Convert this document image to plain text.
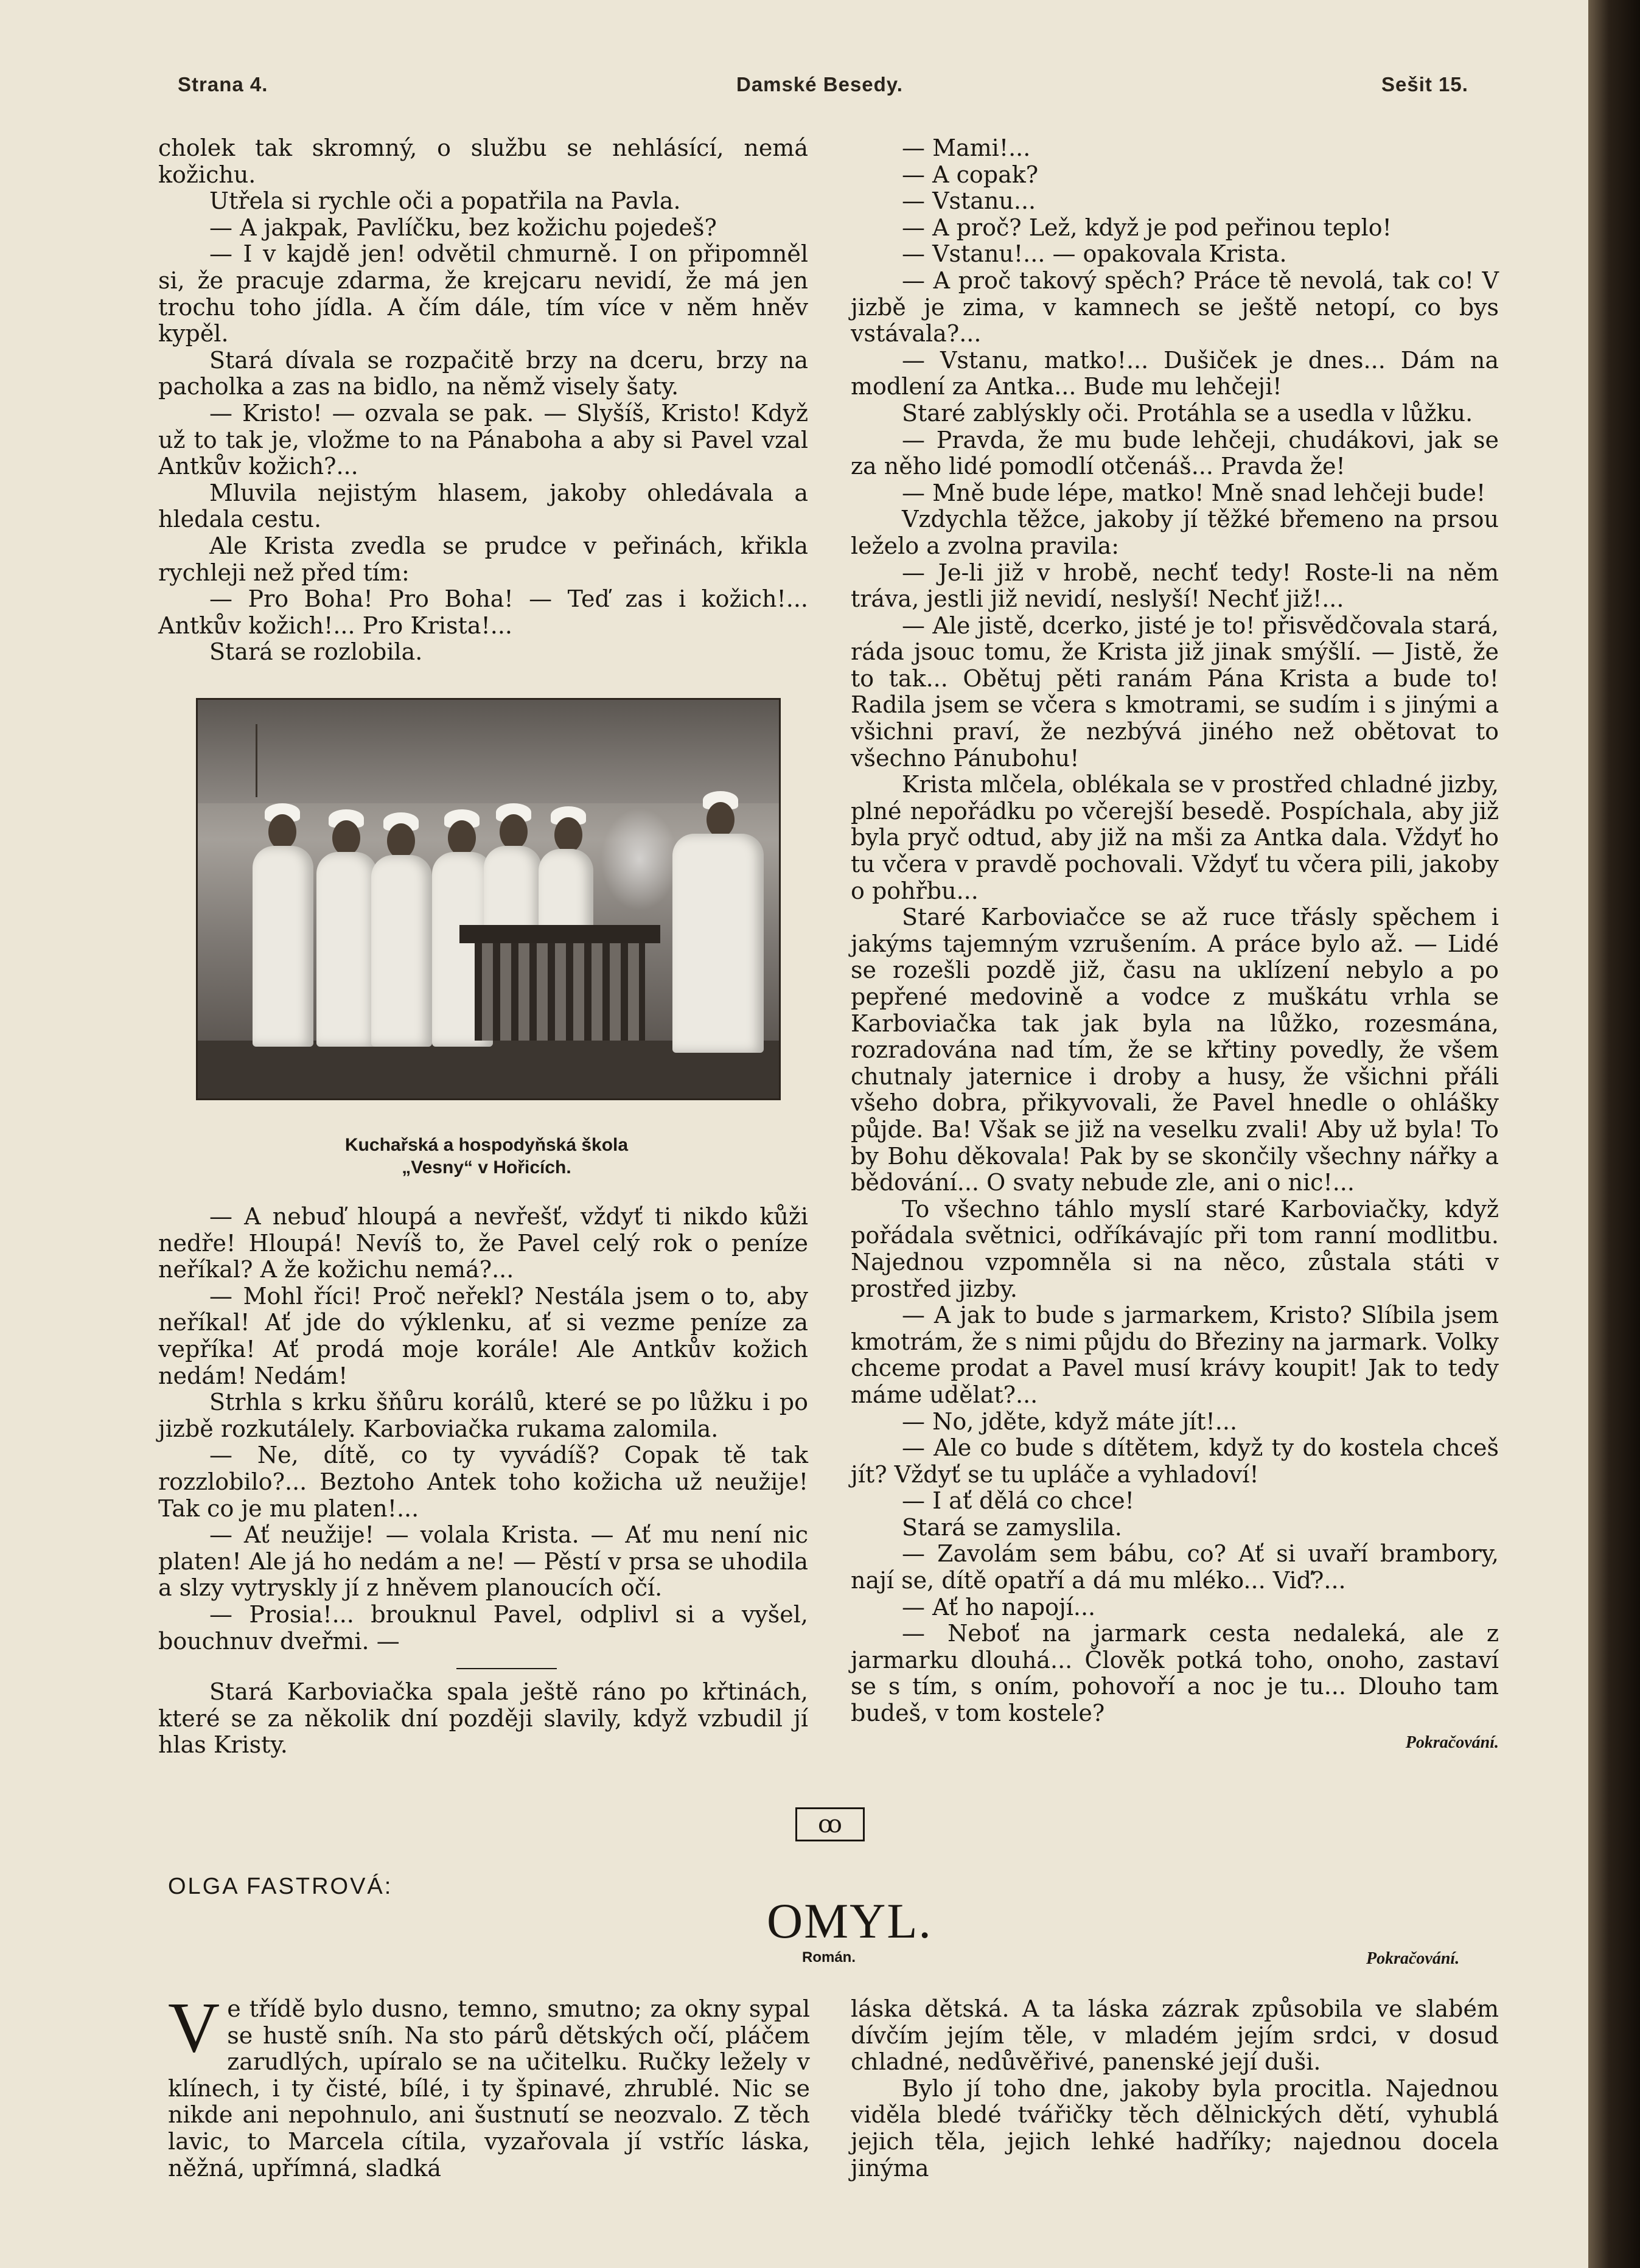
Strana 4.	Damské Besedy.	Sešit 15.

cholek tak skromný, o službu se nehlásící, nemá kožichu.

Utřela si rychle oči a popatřila na Pavla.

— A jakpak, Pavlíčku, bez kožichu pojedeš?

— I v kajdě jen! odvětil chmurně. I on připomněl si, že pracuje zdarma, že krejcaru nevidí, že má jen trochu toho jídla. A čím dále, tím více v něm hněv kypěl.

Stará dívala se rozpačitě brzy na dceru, brzy na pacholka a zas na bidlo, na němž visely šaty.

— Kristo! — ozvala se pak. — Slyšíš, Kristo! Když už to tak je, vložme to na Pánaboha a aby si Pavel vzal Antkův kožich?...

Mluvila nejistým hlasem, jakoby ohledávala a hledala cestu.

Ale Krista zvedla se prudce v peřinách, křikla rychleji než před tím:

— Pro Boha! Pro Boha! — Teď zas i kožich!... Antkův kožich!... Pro Krista!...

Stará se rozlobila.

Kuchařská a hospodyňská škola
„Vesny“ v Hořicích.

— A nebuď hloupá a nevřešť, vždyť ti nikdo kůži nedře! Hloupá! Nevíš to, že Pavel celý rok o peníze neříkal? A že kožichu nemá?...

— Mohl říci! Proč neřekl? Nestála jsem o to, aby neříkal! Ať jde do výklenku, ať si vezme peníze za vepříka! Ať prodá moje korále! Ale Antkův kožich nedám! Nedám!

Strhla s krku šňůru korálů, které se po lůžku i po jizbě rozkutálely. Karboviačka rukama zalomila.

— Ne, dítě, co ty vyvádíš? Copak tě tak rozzlobilo?... Beztoho Antek toho kožicha už neužije! Tak co je mu platen!...

— Ať neužije! — volala Krista. — Ať mu není nic platen! Ale já ho nedám a ne! — Pěstí v prsa se uhodila a slzy vytryskly jí z hněvem planoucích očí.

— Prosia!... brouknul Pavel, odplivl si a vyšel, bouchnuv dveřmi. —

Stará Karboviačka spala ještě ráno po křtinách, které se za několik dní později slavily, když vzbudil jí hlas Kristy.

— Mami!...

— A copak?

— Vstanu...

— A proč? Lež, když je pod peřinou teplo!

— Vstanu!... — opakovala Krista.

— A proč takový spěch? Práce tě nevolá, tak co! V jizbě je zima, v kamnech se ještě netopí, co bys vstávala?...

— Vstanu, matko!... Dušiček je dnes... Dám na modlení za Antka... Bude mu lehčeji!

Staré zablýskly oči. Protáhla se a usedla v lůžku.

— Pravda, že mu bude lehčeji, chudákovi, jak se za něho lidé pomodlí otčenáš... Pravda že!

— Mně bude lépe, matko! Mně snad lehčeji bude!

Vzdychla těžce, jakoby jí těžké břemeno na prsou leželo a zvolna pravila:

— Je-li již v hrobě, nechť tedy! Roste-li na něm tráva, jestli již nevidí, neslyší! Nechť již!...

— Ale jistě, dcerko, jisté je to! přisvědčovala stará, ráda jsouc tomu, že Krista již jinak smýšlí. — Jistě, že to tak... Obětuj pěti ranám Pána Krista a bude to! Radila jsem se včera s kmotrami, se sudím i s jinými a všichni praví, že nezbývá jiného než obětovat to všechno Pánubohu!

Krista mlčela, oblékala se v prostřed chladné jizby, plné nepořádku po včerejší besedě. Pospíchala, aby již byla pryč odtud, aby již na mši za Antka dala. Vždyť ho tu včera v pravdě pochovali. Vždyť tu včera pili, jakoby o pohřbu...

Staré Karboviačce se až ruce třásly spěchem i jakýms tajemným vzrušením. A práce bylo až. — Lidé se rozešli pozdě již, času na uklízení nebylo a po pepřené medovině a vodce z muškátu vrhla se Karboviačka tak jak byla na lůžko, rozesmána, rozradována nad tím, že se křtiny povedly, že všem chutnaly jaternice i droby a husy, že všichni přáli všeho dobra, přikyvovali, že Pavel hnedle o ohlášky půjde. Ba! Však se již na veselku zvali! Aby už byla! To by Bohu děkovala! Pak by se skončily všechny nářky a bědování... O svaty nebude zle, ani o nic!...

To všechno táhlo myslí staré Karboviačky, když pořádala světnici, odříkávajíc při tom ranní modlitbu. Najednou vzpomněla si na něco, zůstala státi v prostřed jizby.

— A jak to bude s jarmarkem, Kristo? Slíbila jsem kmotrám, že s nimi půjdu do Březiny na jarmark. Volky chceme prodat a Pavel musí krávy koupit! Jak to tedy máme udělat?...

— No, jděte, když máte jít!...

— Ale co bude s dítětem, když ty do kostela chceš jít? Vždyť se tu upláče a vyhladoví!

— I ať dělá co chce!

Stará se zamyslila.

— Zavolám sem bábu, co? Ať si uvaří brambory, nají se, dítě opatří a dá mu mléko... Viď?...

— Ať ho napojí...

— Neboť na jarmark cesta nedaleká, ale z jarmarku dlouhá... Člověk potká toho, onoho, zastaví se s tím, s oním, pohovoří a noc je tu... Dlouho tam budeš, v tom kostele?

Pokračování.

ꝏ
OLGA FASTROVÁ:
OMYL.
Román.	Pokračování.
Ve třídě bylo dusno, temno, smutno; za okny sypal se hustě sníh. Na sto párů dětských očí, pláčem zarudlých, upíralo se na učitelku. Ručky ležely v klínech, i ty čisté, bílé, i ty špinavé, zhrublé. Nic se nikde ani nepohnulo, ani šustnutí se neozvalo. Z těch lavic, to Marcela cítila, vyzařovala jí vstříc láska, něžná, upřímná, sladká

láska dětská. A ta láska zázrak způsobila ve slabém dívčím jejím těle, v mladém jejím srdci, v dosud chladné, nedůvěřivé, panenské její duši.

Bylo jí toho dne, jakoby byla procitla. Najednou viděla bledé tvářičky těch dělnických dětí, vyhublá jejich těla, jejich lehké hadříky; najednou docela jinýma
